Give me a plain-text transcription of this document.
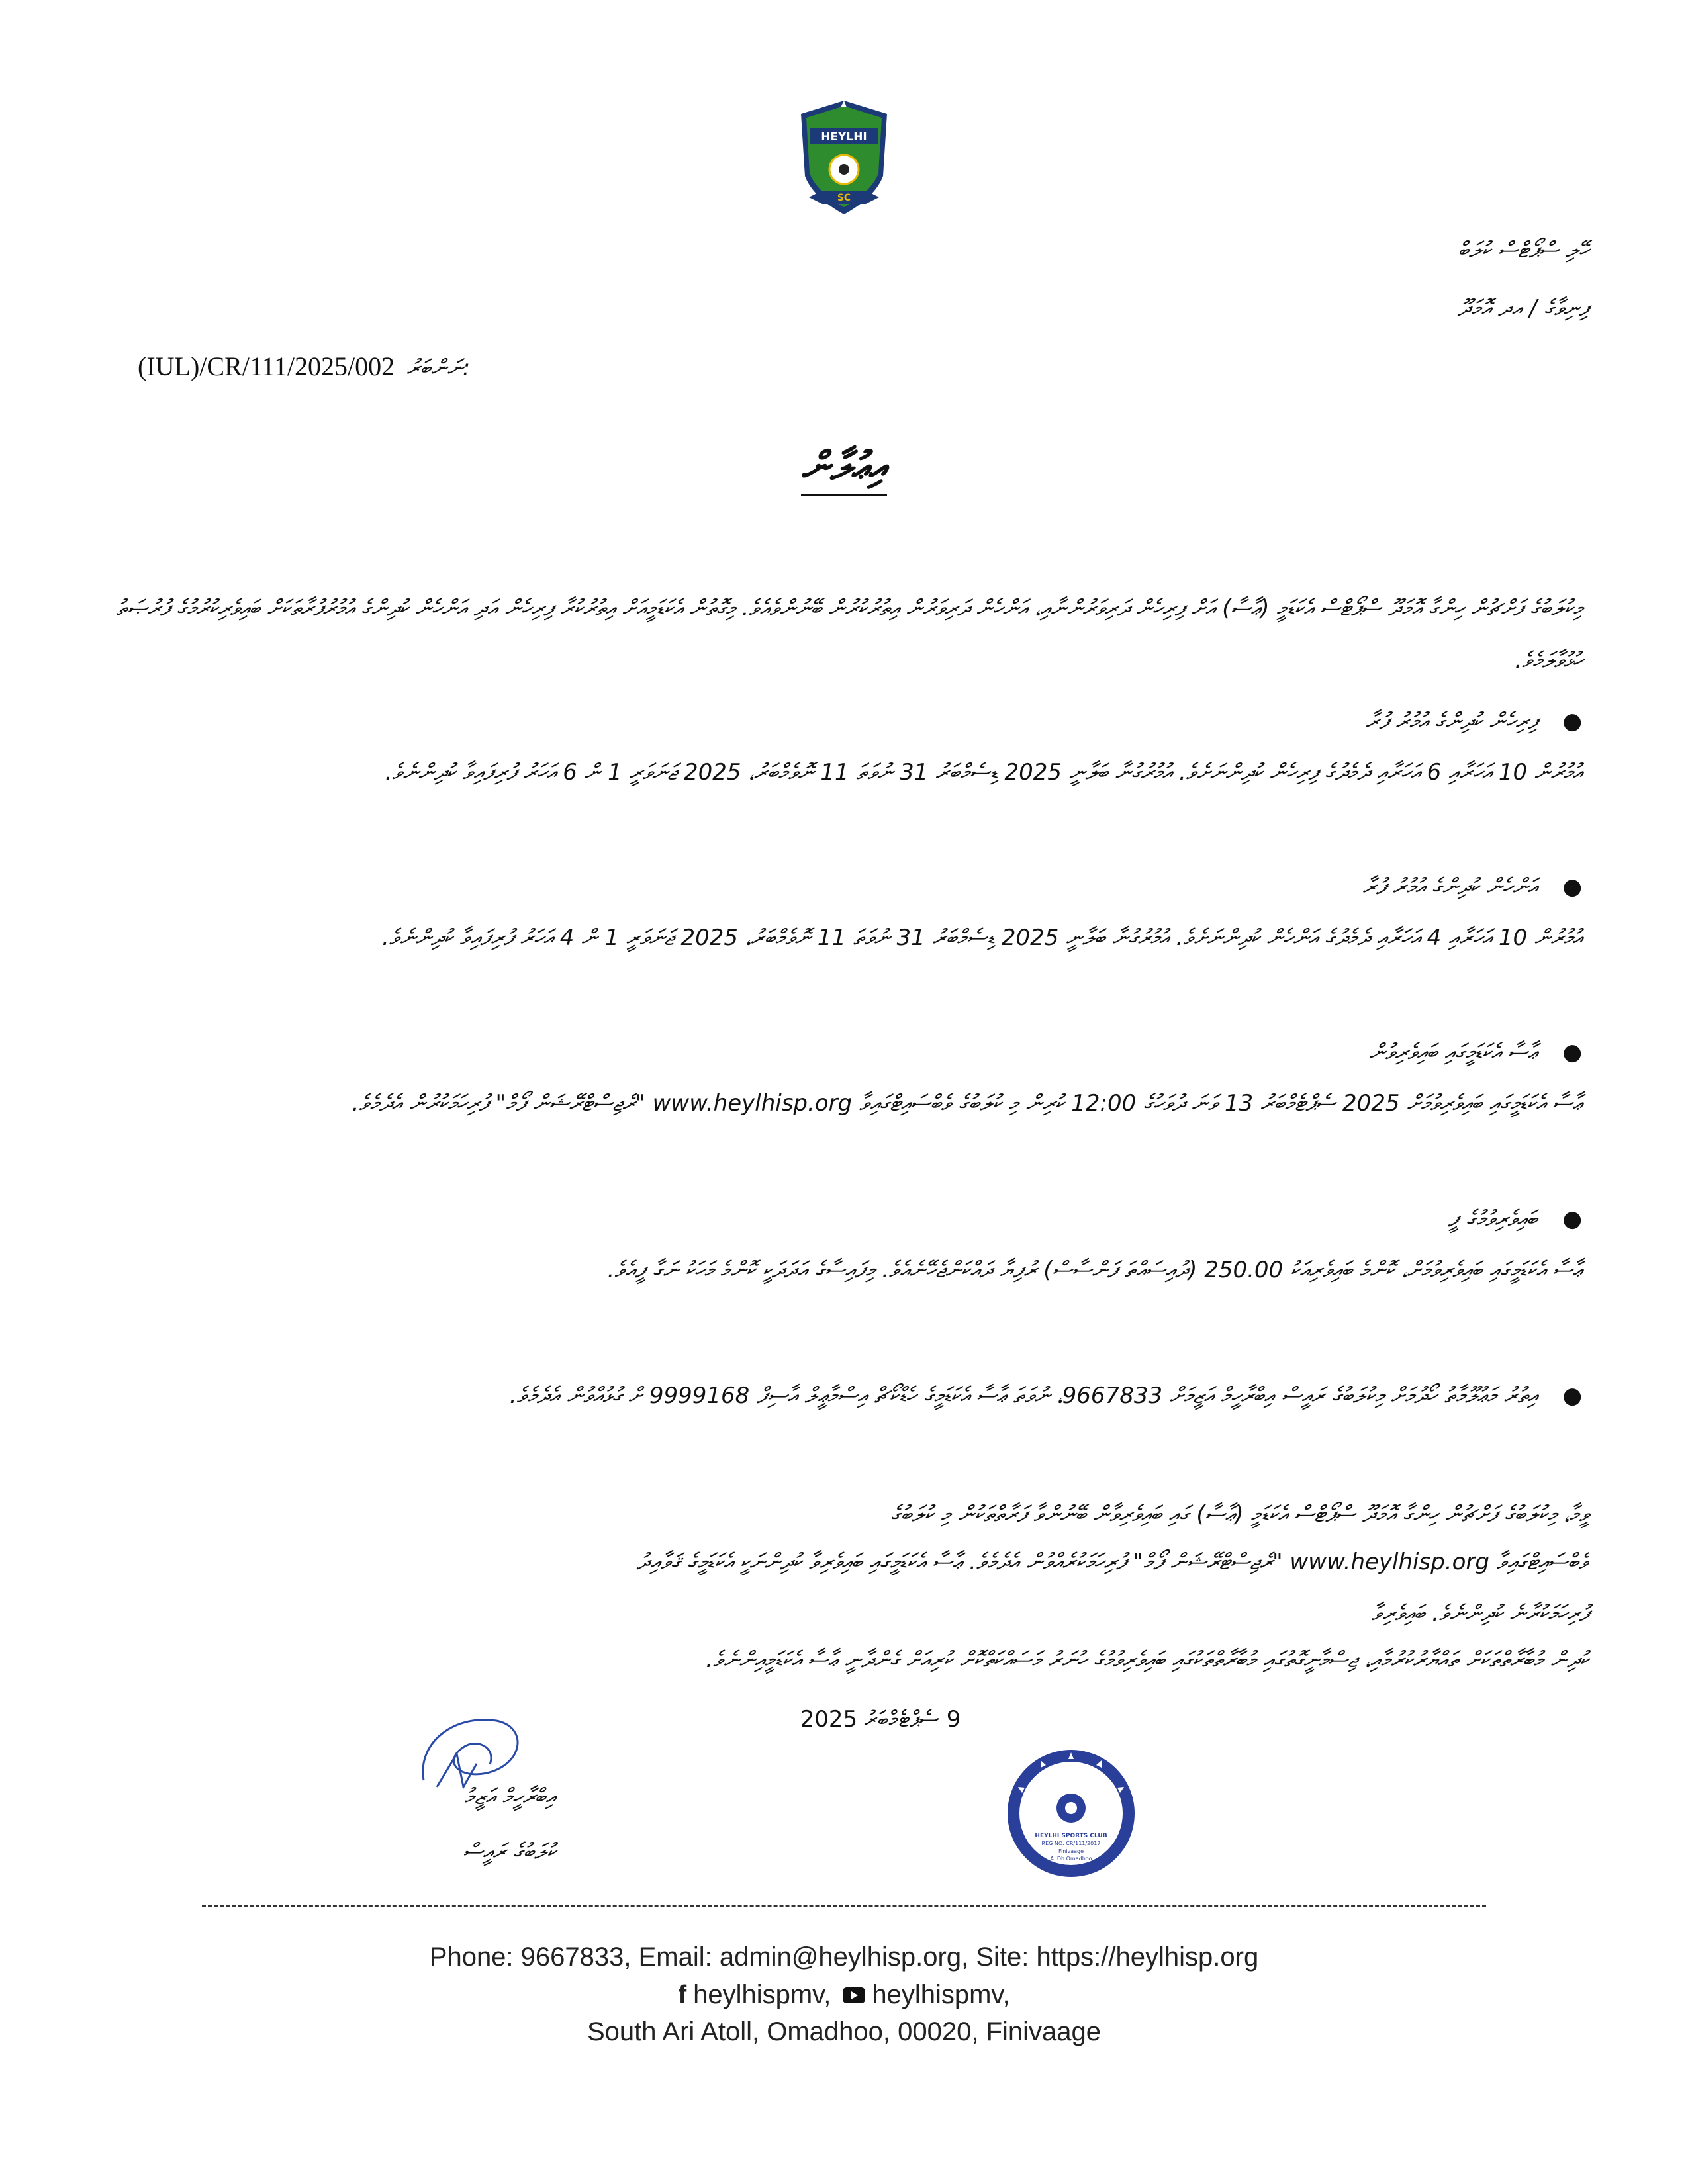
HEYLHI
SC
ހޭލި ސްޕޯޓްސް ކުލަބް
ފިނިވާގެ / އދ އޮމަދޫ
(IUL)/CR/111/2025/002 ނަންބަރު:
އިޢުލާން
މިކުލަބުގެ ފަށްޗުން ހިންގާ އޮމަދޫ ސްޕޯޓްސް އެކަޑަމީ (ޢާސާ) އަށް ފިރިހެން ދަރިވަރުންނާއި، އަންހެން ދަރިވަރުން އިތުރުކުރުން ބޭނުންވެއެވެ. މިގޮތުން އެކަޑަމީއަށް އިތުރުކުރާ ފިރިހެން އަދި އަންހެން ކުދިންގެ އުމުރުފުރާތަކަށް ބައިވެރިކުރުމުގެ ފުރުޞަތު ހުޅުވާލަމެވެ.
●
ފިރިހެން ކުދިންގެ އުމުރު ފުރާ
އުމުރުން 10 އަހަރާއި 6 އަހަރާއި ދެމެދުގެ ފިރިހެން ކުދިންނަށެވެ. އުމުރުގުނާ ބަލާނީ 2025 ޑިސެމްބަރު 31 ނުވަތަ 11 ނޮވެމްބަރު، 2025 ޖަނަވަރީ 1 ން 6 އަހަރު ފުރިފައިވާ ކުދިންނެވެ.
●
އަންހެން ކުދިންގެ އުމުރު ފުރާ
އުމުރުން 10 އަހަރާއި 4 އަހަރާއި ދެމެދުގެ އަންހެން ކުދިންނަށެވެ. އުމުރުގުނާ ބަލާނީ 2025 ޑިސެމްބަރު 31 ނުވަތަ 11 ނޮވެމްބަރު، 2025 ޖަނަވަރީ 1 ން 4 އަހަރު ފުރިފައިވާ ކުދިންނެވެ.
●
ޢާސާ އެކަޑަމީގައި ބައިވެރިވުން
ޢާސާ އެކަޑަމީގައި ބައިވެރިވުމަށް 2025 ސެޕްޓެމްބަރު 13 ވަނަ ދުވަހުގެ 12:00 ކުރިން މި ކުލަބުގެ ވެބްސައިޓްގައިވާ www.heylhisp.org "ރެޖިސްޓްރޭޝަން ފޯމް" ފުރިހަމަކުރުން އެދެމެވެ.
●
ބައިވެރިވުމުގެ ފީ
ޢާސާ އެކަޑަމީގައި ބައިވެރިވުމަށް، ކޮންމެ ބައިވެރިއަކު 250.00 (ދުއިސައްތަ ފަންސާސް) ރުފިޔާ ދައްކަންޖެހޭނެއެވެ. މިފައިސާގެ އަދަދަކީ ކޮންމެ މަހަކު ނަގާ ފީއެވެ.
●
އިތުރު މަޢުލޫމާތު ހޯދުމަށް މިކުލަބުގެ ރައީސް އިބްރާހީމް އަޒީމަށް 9667833، ނުވަތަ ޢާސާ އެކަޑަމީގެ ހެޑްކޯޗް އިސްމާޢީލް އާސިފް 9999168 ށް ގުޅުއްވުން އެދެމެވެ.
ވީމާ، މިކުލަބުގެ ފަށްޗުން ހިންގާ އޮމަދޫ ސްޕޯޓްސް އެކަޑަމީ (ޢާސާ) ގައި ބައިވެރިވާން ބޭނުންވާ ފަރާތްތަކުން މި ކުލަބުގެ
ވެބްސައިޓްގައިވާ www.heylhisp.org "ރެޖިސްޓްރޭޝަން ފޯމް" ފުރިހަމަކުރެއްވުން އެދެމެވެ. ޢާސާ އެކަޑަމީގައި ބައިވެރިވާ ކުދިންނަކީ އެކަޑަމީގެ ޤަވާއިދު
ފުރިހަމަކުރާނެ ކުދިންނެވެ. ބައިވެރިވާ
ކުދިން މުބާރާތްތަކަށް ތައްޔާރުކުރުމާއި، ޖިސްމާނީގޮތުގައި މުބާރާތްތަކުގައި ބައިވެރިވުމުގެ ހުނަރު މަސައްކަތްކޮށް ކުރިއަށް ގެންދާނީ ޢާސާ އެކަޑަމީއިންނެވެ.
9 ސެޕްޓެމްބަރު 2025
އިބްރާހީމް އަޒީމު
ކުލަބުގެ ރައީސް
HEYLHI SPORTS CLUB
REG NO: CR/111/2017
Finivaage
A. Dh Omadhoo
Phone: 9667833, Email: admin@heylhisp.org, Site: https://heylhisp.org
f heylhispmv, heylhispmv,
South Ari Atoll, Omadhoo, 00020, Finivaage
